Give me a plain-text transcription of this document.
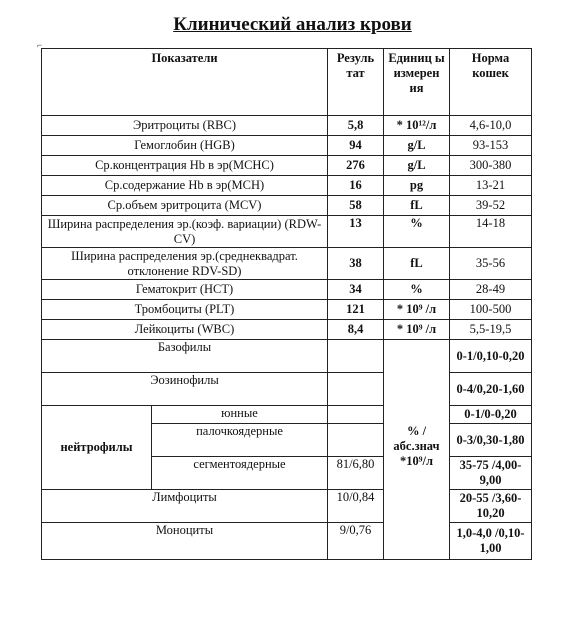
Клинический анализ крови
⌐
Показатели		Резуль тат	Единиц ы измерен ия	Норма кошек
Эритроциты (RBC)		5,8	* 10¹²/л	4,6-10,0
Гемоглобин (HGB)		94	g/L	93-153
Ср.концентрация Hb в эр(MCHC)		276	g/L	300-380
Ср.содержание Hb в эр(MCH)		16	pg	13-21
Ср.объем эритроцита (MCV)		58	fL	39-52
Ширина распределения эр.(коэф. вариации) (RDW-CV)		13	%	14-18
Ширина распределения эр.(среднеквадрат. отклонение RDV-SD)		38	fL	35-56
Гематокрит (HCT)		34	%	28-49
Тромбоциты (PLT)		121	* 10⁹ /л	100-500
Лейкоциты (WBC)		8,4	* 10⁹ /л	5,5-19,5
Базофилы			% /абс.знач *10⁹/л	0-1/0,10-0,20
Эозинофилы				0-4/0,20-1,60
нейтрофилы	юнные			0-1/0-0,20
	палочкоядерные			0-3/0,30-1,80
	сегментоядерные	81/6,80		35-75 /4,00-9,00
Лимфоциты		10/0,84		20-55 /3,60-10,20
Моноциты		9/0,76		1,0-4,0 /0,10-1,00
